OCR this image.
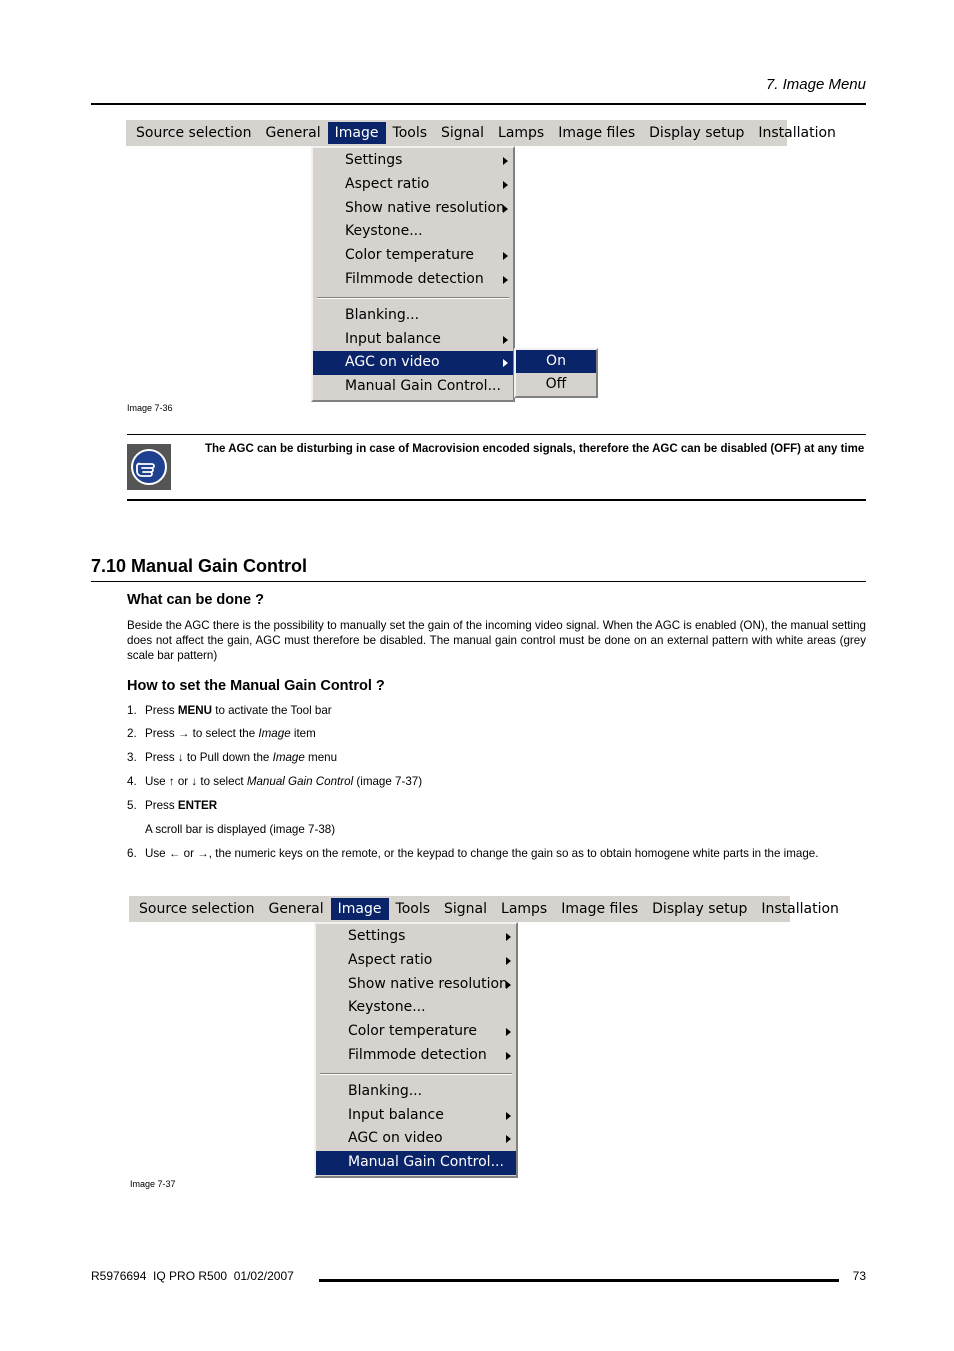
7. Image Menu
Source selection	General	Image	Tools	Signal	Lamps	Image files	Display setup	Installation
Settings
Aspect ratio
Show native resolution
Keystone...
Color temperature
Filmmode detection
Blanking...
Input balance
AGC on video
Manual Gain Control...
On
Off
Image 7-36
The AGC can be disturbing in case of Macrovision encoded signals, therefore the AGC can be disabled (OFF) at any time
7.10 Manual Gain Control
What can be done ?
Beside the AGC there is the possibility to manually set the gain of the incoming video signal. When the AGC is enabled (ON), the manual setting does not affect the gain, AGC must therefore be disabled. The manual gain control must be done on an external pattern with white areas (grey scale bar pattern)
How to set the Manual Gain Control ?
1. Press MENU to activate the Tool bar
2. Press → to select the Image item
3. Press ↓ to Pull down the Image menu
4. Use ↑ or ↓ to select Manual Gain Control (image 7-37)
5. Press ENTER
A scroll bar is displayed (image 7-38)
6. Use ← or →, the numeric keys on the remote, or the keypad to change the gain so as to obtain homogene white parts in the image.
Source selection	General	Image	Tools	Signal	Lamps	Image files	Display setup	Installation
Settings
Aspect ratio
Show native resolution
Keystone...
Color temperature
Filmmode detection
Blanking...
Input balance
AGC on video
Manual Gain Control...
Image 7-37
R5976694  IQ PRO R500  01/02/2007	73
